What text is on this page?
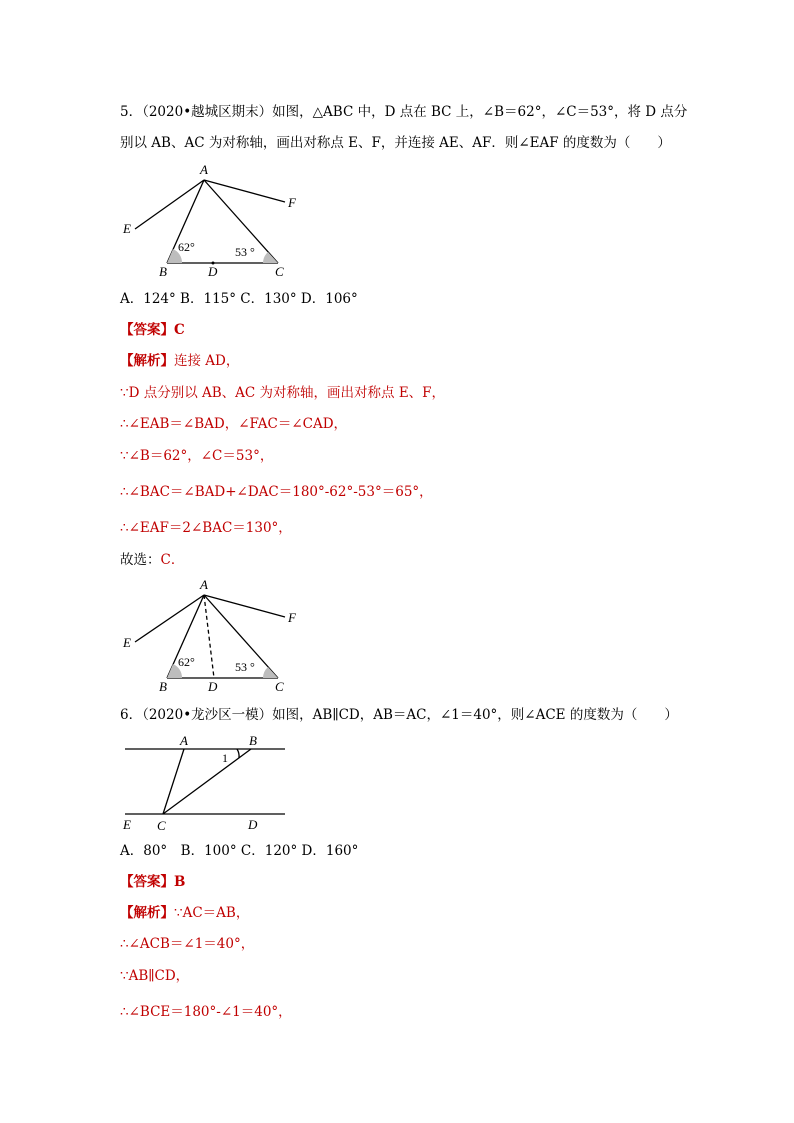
5．（2020•越城区期末）如图，△ABC 中，D 点在 BC 上，∠B＝62°，∠C＝53°，将 D 点分
别以 AB、AC 为对称轴，画出对称点 E、F，并连接 AE、AF．则∠EAF 的度数为（　　）
A
E
F
B	D	C
62°	53 °
A．124° B．115° C．130° D．106°
【答案】C
【解析】连接 AD，
∵D 点分别以 AB、AC 为对称轴，画出对称点 E、F，
∴∠EAB＝∠BAD，∠FAC＝∠CAD，
∵∠B＝62°，∠C＝53°，
∴∠BAC＝∠BAD+∠DAC＝180°-62°-53°＝65°，
∴∠EAF＝2∠BAC＝130°，
故选：C．
A
E
F
B	D	C
62°	53 °
6．（2020•龙沙区一模）如图，AB∥CD，AB＝AC，∠1＝40°，则∠ACE 的度数为（　　）
A	B
E C	D
1
A．80°　B．100° C．120° D．160°
【答案】B
【解析】∵AC＝AB，
∴∠ACB＝∠1＝40°，
∵AB∥CD，
∴∠BCE＝180°-∠1＝40°，
